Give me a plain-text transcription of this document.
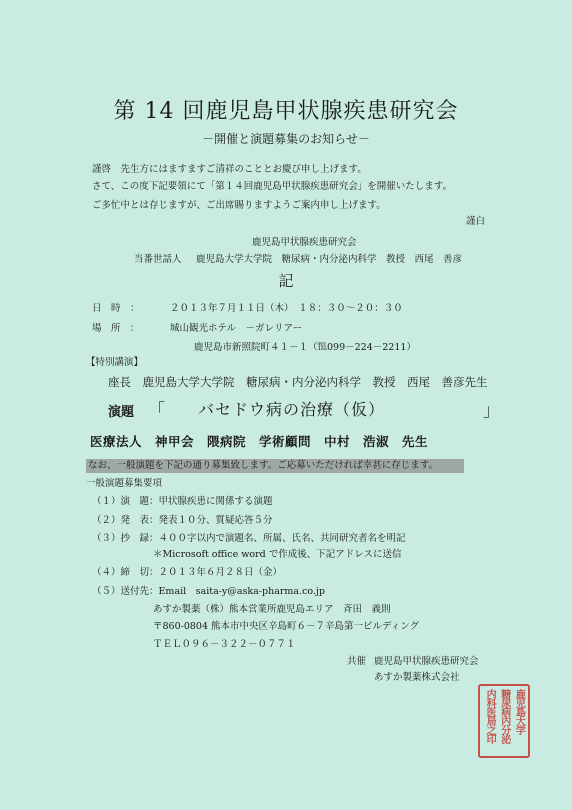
第 14 回鹿児島甲状腺疾患研究会
－開催と演題募集のお知らせ－
謹啓　先生方にはますますご清祥のこととお慶び申し上げます。
さて、この度下記要領にて「第１４回鹿児島甲状腺疾患研究会」を開催いたします。
ご多忙中とは存じますが、ご出席賜りますようご案内申し上げます。
謹白
鹿児島甲状腺疾患研究会
当番世話人 鹿児島大学大学院　糖尿病・内分泌内科学　教授　西尾　善彦
記
日　時　：	２０１３年７月１１日（木）　１８：３０～２０：３０
場　所　：	城山観光ホテル　－ガレリアー
鹿児島市新照院町４１－１（℡099－224－2211）
【特別講演】
座長　鹿児島大学大学院　糖尿病・内分泌内科学　教授　西尾　善彦先生
演題 「 バセドウ病の治療（仮）	」
医療法人　神甲会　隈病院　学術顧問　中村　浩淑　先生
なお、一般演題を下記の通り募集致します。ご応募いただければ幸甚に存じます。
一般演題募集要項
（１）演　題：甲状腺疾患に関係する演題
（２）発　表：発表１０分、質疑応答５分
（３）抄　録：４００字以内で演題名、所属、氏名、共同研究者名を明記
＊Microsoft office word で作成後、下記アドレスに送信
（４）締　切：２０１３年６月２８日（金）
（５）送付先：Email　saita-y@aska-pharma.co.jp
あすか製薬（株）熊本営業所鹿児島エリア　斉田　義則
〒860-0804 熊本市中央区辛島町６－７辛島第一ビルディング
ＴＥＬ０９６－３２２－０７７１
共催 鹿児島甲状腺疾患研究会
あすか製薬株式会社
鹿児島大学
糖尿病内分泌
内科医局之印
